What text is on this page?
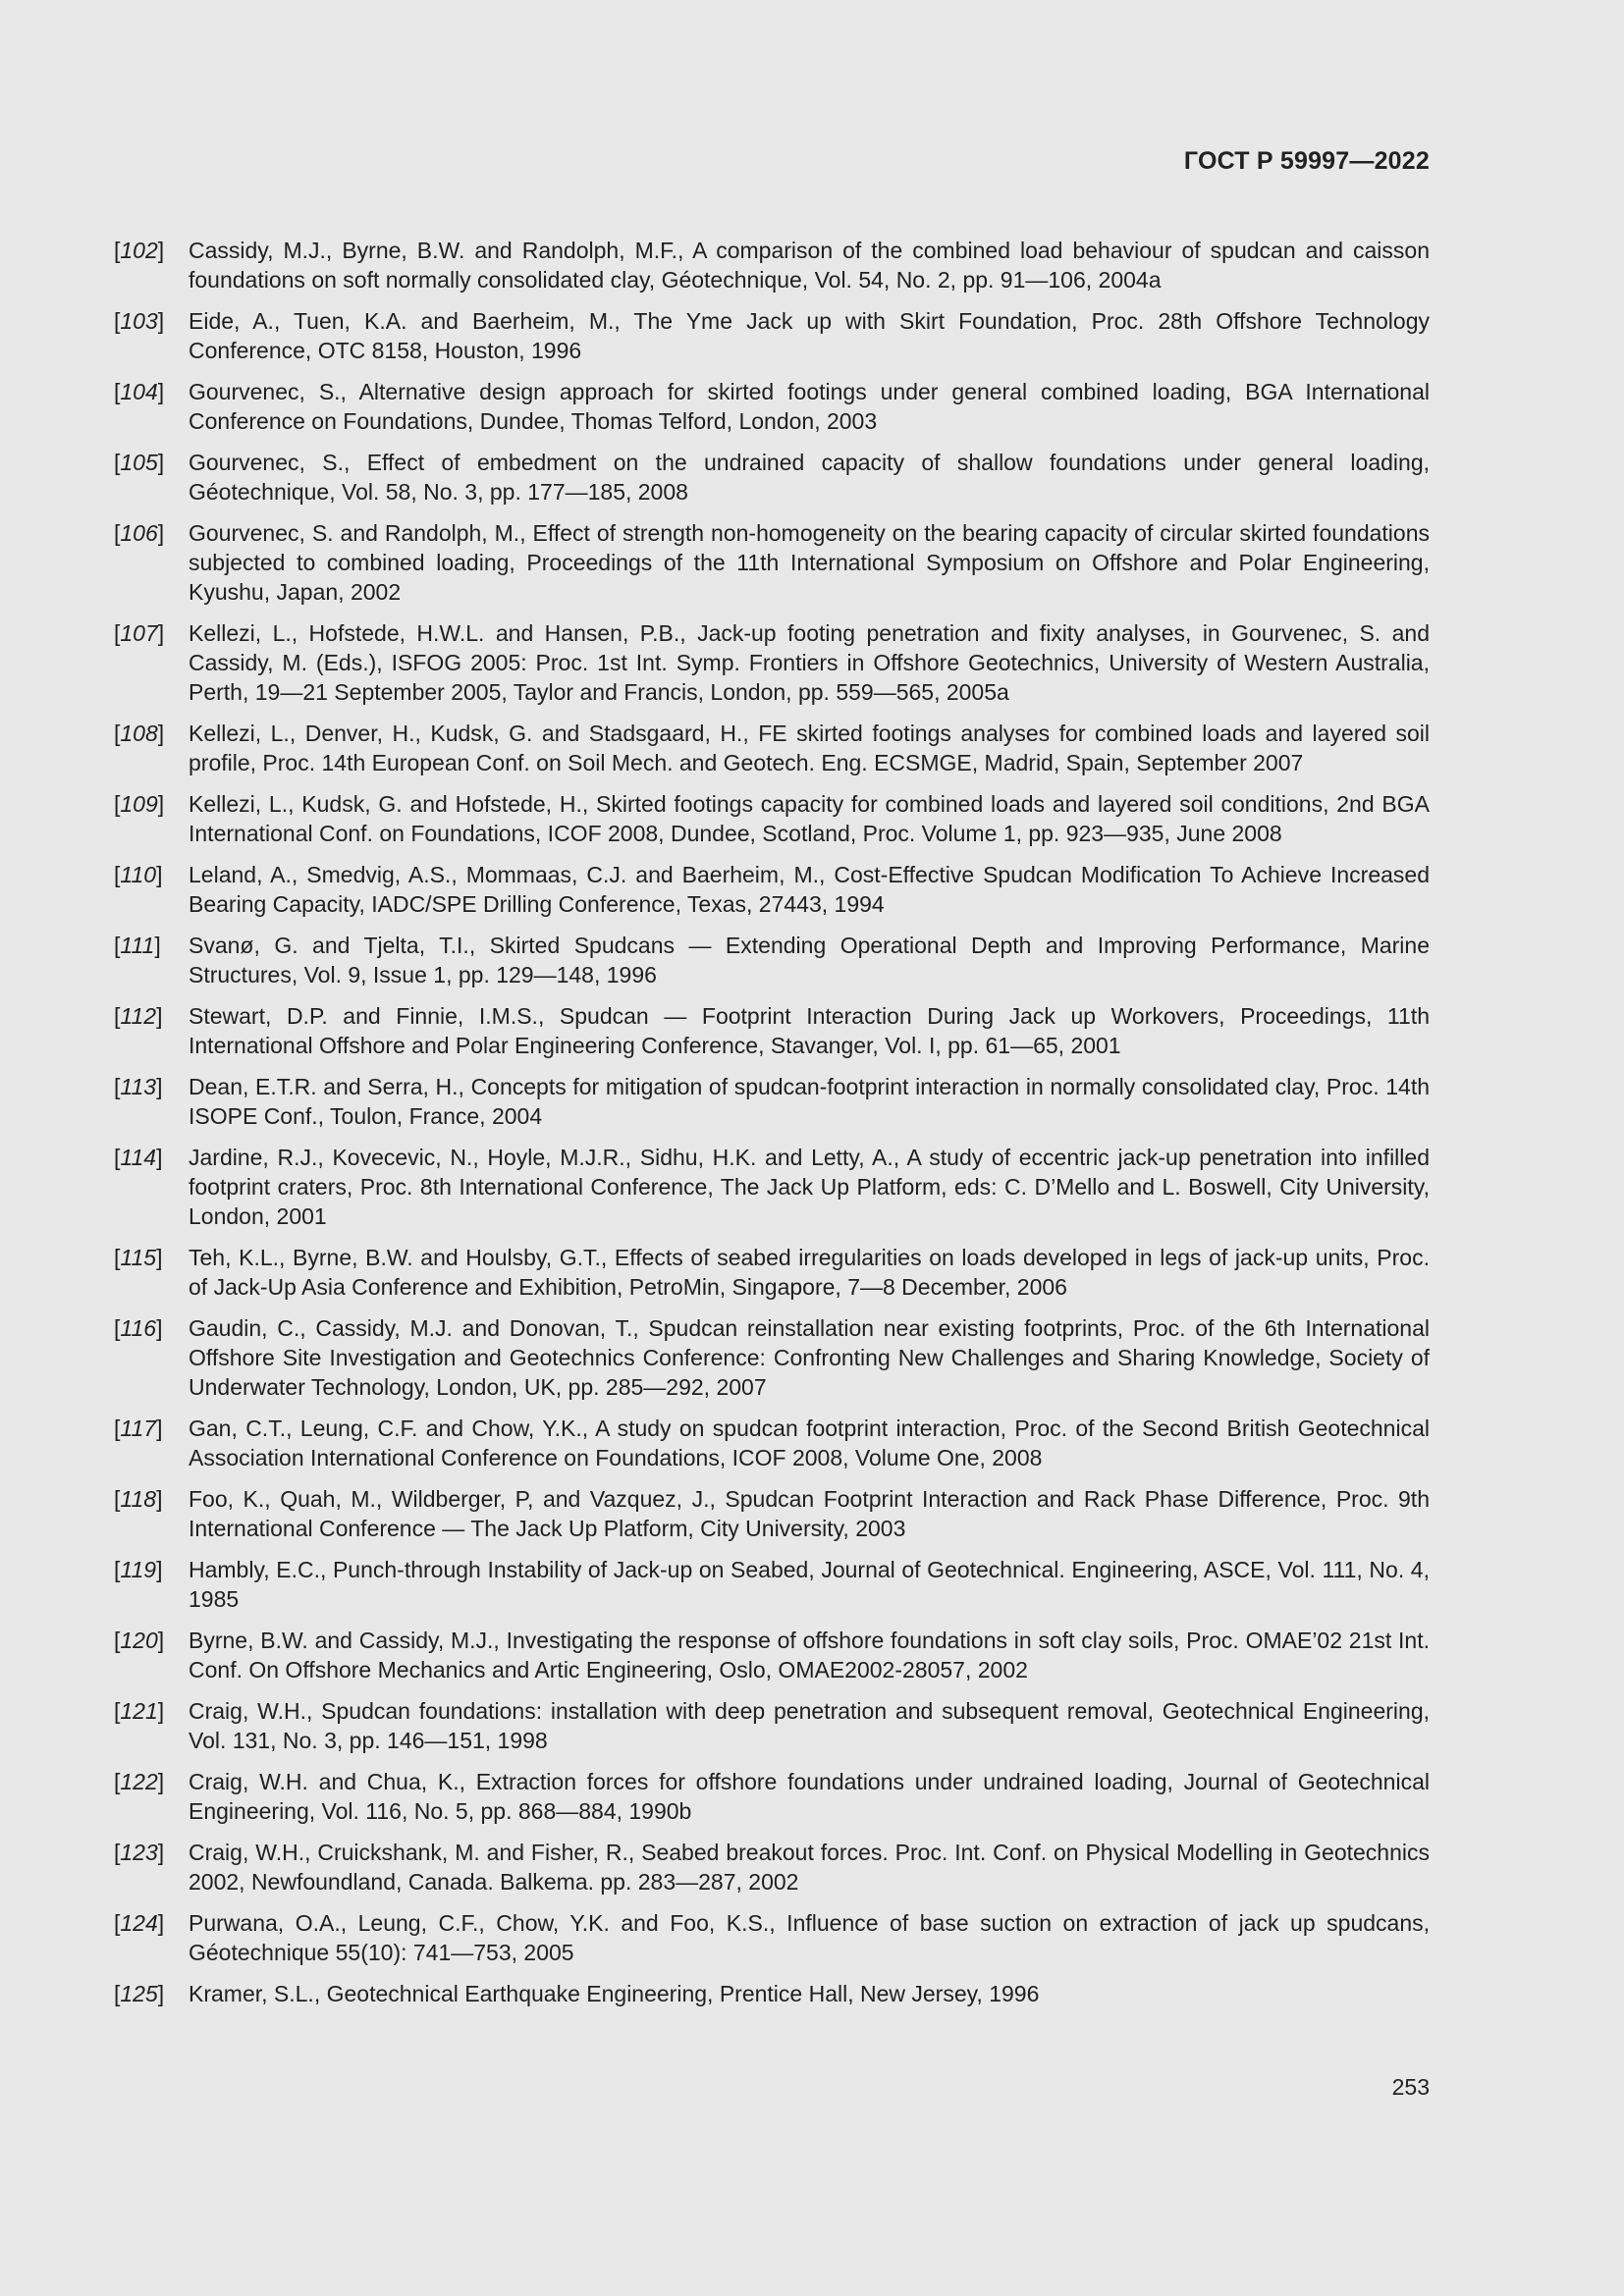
ГОСТ Р 59997—2022
[102]	Cassidy, M.J., Byrne, B.W. and Randolph, M.F., A comparison of the combined load behaviour of spudcan and caisson foundations on soft normally consolidated clay, Géotechnique, Vol. 54, No. 2, pp. 91—106, 2004a
[103]	Eide, A., Tuen, K.A. and Baerheim, M., The Yme Jack up with Skirt Foundation, Proc. 28th Offshore Technology Conference, OTC 8158, Houston, 1996
[104]	Gourvenec, S., Alternative design approach for skirted footings under general combined loading, BGA International Conference on Foundations, Dundee, Thomas Telford, London, 2003
[105]	Gourvenec, S., Effect of embedment on the undrained capacity of shallow foundations under general loading, Géotechnique, Vol. 58, No. 3, pp. 177—185, 2008
[106]	Gourvenec, S. and Randolph, M., Effect of strength non-homogeneity on the bearing capacity of circular skirted foundations subjected to combined loading, Proceedings of the 11th International Symposium on Offshore and Polar Engineering, Kyushu, Japan, 2002
[107]	Kellezi, L., Hofstede, H.W.L. and Hansen, P.B., Jack-up footing penetration and fixity analyses, in Gourvenec, S. and Cassidy, M. (Eds.), ISFOG 2005: Proc. 1st Int. Symp. Frontiers in Offshore Geotechnics, University of Western Australia, Perth, 19—21 September 2005, Taylor and Francis, London, pp. 559—565, 2005a
[108]	Kellezi, L., Denver, H., Kudsk, G. and Stadsgaard, H., FE skirted footings analyses for combined loads and layered soil profile, Proc. 14th European Conf. on Soil Mech. and Geotech. Eng. ECSMGE, Madrid, Spain, September 2007
[109]	Kellezi, L., Kudsk, G. and Hofstede, H., Skirted footings capacity for combined loads and layered soil conditions, 2nd BGA International Conf. on Foundations, ICOF 2008, Dundee, Scotland, Proc. Volume 1, pp. 923—935, June 2008
[110]	Leland, A., Smedvig, A.S., Mommaas, C.J. and Baerheim, M., Cost-Effective Spudcan Modification To Achieve Increased Bearing Capacity, IADC/SPE Drilling Conference, Texas, 27443, 1994
[111]	Svanø, G. and Tjelta, T.I., Skirted Spudcans — Extending Operational Depth and Improving Performance, Marine Structures, Vol. 9, Issue 1, pp. 129—148, 1996
[112]	Stewart, D.P. and Finnie, I.M.S., Spudcan — Footprint Interaction During Jack up Workovers, Proceedings, 11th International Offshore and Polar Engineering Conference, Stavanger, Vol. I, pp. 61—65, 2001
[113]	Dean, E.T.R. and Serra, H., Concepts for mitigation of spudcan-footprint interaction in normally consolidated clay, Proc. 14th ISOPE Conf., Toulon, France, 2004
[114]	Jardine, R.J., Kovecevic, N., Hoyle, M.J.R., Sidhu, H.K. and Letty, A., A study of eccentric jack-up penetration into infilled footprint craters, Proc. 8th International Conference, The Jack Up Platform, eds: C. D’Mello and L. Boswell, City University, London, 2001
[115]	Teh, K.L., Byrne, B.W. and Houlsby, G.T., Effects of seabed irregularities on loads developed in legs of jack-up units, Proc. of Jack-Up Asia Conference and Exhibition, PetroMin, Singapore, 7—8 December, 2006
[116]	Gaudin, C., Cassidy, M.J. and Donovan, T., Spudcan reinstallation near existing footprints, Proc. of the 6th International Offshore Site Investigation and Geotechnics Conference: Confronting New Challenges and Sharing Knowledge, Society of Underwater Technology, London, UK, pp. 285—292, 2007
[117]	Gan, C.T., Leung, C.F. and Chow, Y.K., A study on spudcan footprint interaction, Proc. of the Second British Geotechnical Association International Conference on Foundations, ICOF 2008, Volume One, 2008
[118]	Foo, K., Quah, M., Wildberger, P, and Vazquez, J., Spudcan Footprint Interaction and Rack Phase Difference, Proc. 9th International Conference — The Jack Up Platform, City University, 2003
[119]	Hambly, E.C., Punch-through Instability of Jack-up on Seabed, Journal of Geotechnical. Engineering, ASCE, Vol. 111, No. 4, 1985
[120]	Byrne, B.W. and Cassidy, M.J., Investigating the response of offshore foundations in soft clay soils, Proc. OMAE’02 21st Int. Conf. On Offshore Mechanics and Artic Engineering, Oslo, OMAE2002-28057, 2002
[121]	Craig, W.H., Spudcan foundations: installation with deep penetration and subsequent removal, Geotechnical Engineering, Vol. 131, No. 3, pp. 146—151, 1998
[122]	Craig, W.H. and Chua, K., Extraction forces for offshore foundations under undrained loading, Journal of Geotechnical Engineering, Vol. 116, No. 5, pp. 868—884, 1990b
[123]	Craig, W.H., Cruickshank, M. and Fisher, R., Seabed breakout forces. Proc. Int. Conf. on Physical Modelling in Geotechnics 2002, Newfoundland, Canada. Balkema. pp. 283—287, 2002
[124]	Purwana, O.A., Leung, C.F., Chow, Y.K. and Foo, K.S., Influence of base suction on extraction of jack up spudcans, Géotechnique 55(10): 741—753, 2005
[125]	Kramer, S.L., Geotechnical Earthquake Engineering, Prentice Hall, New Jersey, 1996
253
